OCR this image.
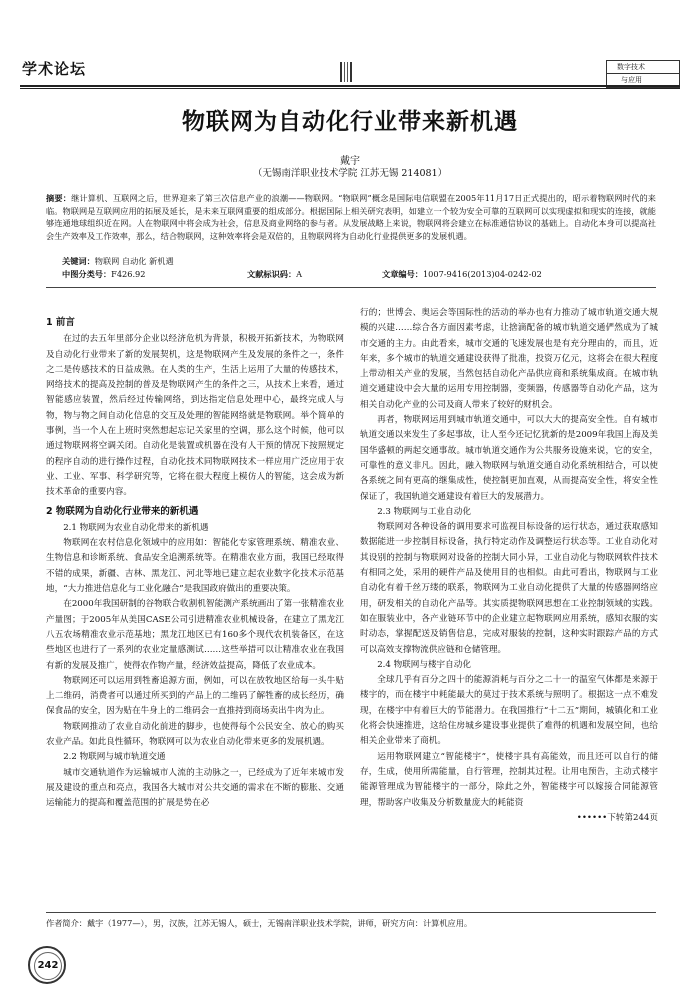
学术论坛	数字技术
与应用
物联网为自动化行业带来新机遇
戴宇
（无锡南洋职业技术学院 江苏无锡 214081）
摘要：继计算机、互联网之后，世界迎来了第三次信息产业的浪潮——物联网。“物联网”概念是国际电信联盟在2005年11月17日正式提出的，昭示着物联网时代的来临。物联网是互联网应用的拓展及延长，是未来互联网重要的组成部分。根据国际上相关研究表明，如建立一个较为安全可靠的互联网可以实现虚拟和现实的连接，就能够连通地球组织近在网。人在物联网中将会成为社会，信息及商业网络的参与者。从发展战略上来说，物联网将会建立在标准通信协议的基础上。自动化本身可以提高社会生产效率及工作效率，那么，结合物联网，这种效率将会是双倍的，且物联网将为自动化行业提供更多的发展机遇。
关键词：物联网 自动化 新机遇
中图分类号：F426.92	文献标识码：A	文章编号：1007-9416(2013)04-0242-02
1 前言

在过的去五年里部分企业以经济危机为背景，积极开拓新技术，为物联网及自动化行业带来了新的发展契机，这是物联网产生及发展的条件之一，条件之二是传感技术的日益成熟。在人类的生产，生活上运用了大量的传感技术，网络技术的提高及控制的普及是物联网产生的条件之三，从技术上来看，通过智能感应装置，然后经过传输网络，到达指定信息处理中心，最终完成人与物，物与物之间自动化信息的交互及处理的智能网络就是物联网。举个简单的事例，当一个人在上班时突然想起忘记关家里的空调，那么这个时候，他可以通过物联网将空调关闭。自动化是装置或机器在没有人干预的情况下按照规定的程序自动的进行操作过程，自动化技术同物联网技术一样应用广泛应用于农业、工业、军事、科学研究等，它将在很大程度上模仿人的智能，这会成为新技术革命的重要内容。

2 物联网为自动化行业带来的新机遇
2.1 物联网为农业自动化带来的新机遇

物联网在农村信息化领域中的应用如：智能化专家管理系统、精准农业、生物信息和诊断系统、食品安全追溯系统等。在精准农业方面，我国已经取得不错的成果，新疆、吉林、黑龙江、河北等地已建立起农业数字化技术示范基地，“大力推进信息化与工业化融合”是我国政府做出的重要决策。

在2000年我国研制的谷物联合收割机智能测产系统画出了第一张精准农业产量图；于2005年从美国CASE公司引进精准农业机械设备，在建立了黑龙江八五农场精准农业示范基地；黑龙江地区已有160多个现代农机装备区，在这些地区也进行了一系列的农业定量感测试……这些举措可以让精准农业在我国有新的发展及推广，使得农作物产量，经济效益提高，降低了农业成本。

物联网还可以运用到牲畜追源方面，例如，可以在放牧地区给每一头牛贴上二维码，消费者可以通过所买到的产品上的二维码了解牲畜的成长经历，确保食品的安全，因为贴在牛身上的二维码会一直推持到商场卖出牛肉为止。

物联网推动了农业自动化前进的脚步，也使得每个公民安全、放心的购买农业产品。如此良性循环，物联网可以为农业自动化带来更多的发展机遇。

2.2 物联网与城市轨道交通

城市交通轨道作为运输城市人流的主动脉之一，已经成为了近年来城市发展及建设的重点和亮点，我国各大城市对公共交通的需求在不断的膨胀、交通运输能力的提高和覆盖范围的扩展是势在必

行的；世博会、奥运会等国际性的活动的举办也有力推动了城市轨道交通大规模的兴建……综合各方面因素考虑，让捨滴配备的城市轨道交通俨然成为了城市交通的主力。由此看来，城市交通的飞速发展也是有充分理由的，而且，近年来，多个城市的轨道交通建设获得了批准，投资万亿元，这将会在很大程度上带动相关产业的发展，当然包括自动化产品供应商和系统集成商。在城市轨道交通建设中会大量的运用专用控制器，变频器，传感器等自动化产品，这为相关自动化产业的公司及商人带来了较好的财机会。

再者，物联网运用到城市轨道交通中，可以大大的提高安全性。自有城市轨道交通以来发生了多起事故，让人至今还记忆犹新的是2009年我国上海及美国华盛顿的两起交通事故。城市轨道交通作为公共服务设施来说，它的安全，可靠性的意义非凡。因此，融入物联网与轨道交通自动化系统相结合，可以使各系统之间有更高的继集成性，使控制更加直观，从而提高安全性，将安全性保证了，我国轨道交通建设有着巨大的发展潜力。

2.3 物联网与工业自动化

物联网对各种设备的调用要求可监视目标设备的运行状态，通过获取感知数据能进一步控制目标设备，执行特定动作及调整运行状态等。工业自动化对其设别的控制与物联网对设备的控制大同小异，工业自动化与物联网软件技术有相同之处，采用的硬件产品及使用目的也相似。由此可看出，物联网与工业自动化有着千丝万缕的联系，物联网为工业自动化提供了大量的传感器网络应用，研发相关的自动化产品等。其实质提物联网思想在工业控制领域的实践。如在服装业中，各产业链环节中的企业建立起物联网应用系统，感知衣服的实时动态，掌握配送及销售信息，完成对服装的控制，这种实时跟踪产品的方式可以高效支撑物流供应链和仓储管理。

2.4 物联网与楼宇自动化

全球几乎有百分之四十的能源消耗与百分之二十一的温室气体都是来源于楼宇的，而在楼宇中耗能最大的莫过于技术系统与照明了。根据这一点不难发现，在楼宇中有着巨大的节能潜力。在我国推行“十二五”期间，城镇化和工业化将会快速推进，这给住房城乡建设事业提供了难得的机遇和发展空间，也给相关企业带来了商机。

运用物联网建立“智能楼宇”，使楼宇具有高能效，而且还可以自行的储存，生成，使用所需能量，自行管理，控制其过程。让用电预告，主动式楼宇能源管理成为智能楼宇的一部分，除此之外，智能楼宇可以嫁接合同能源管理，帮助客户收集及分析数量庞大的耗能资

••••••下转第244页
作者简介：戴宇（1977—），男，汉族，江苏无锡人，硕士，无锡南洋职业技术学院，讲师，研究方向：计算机应用。
242
